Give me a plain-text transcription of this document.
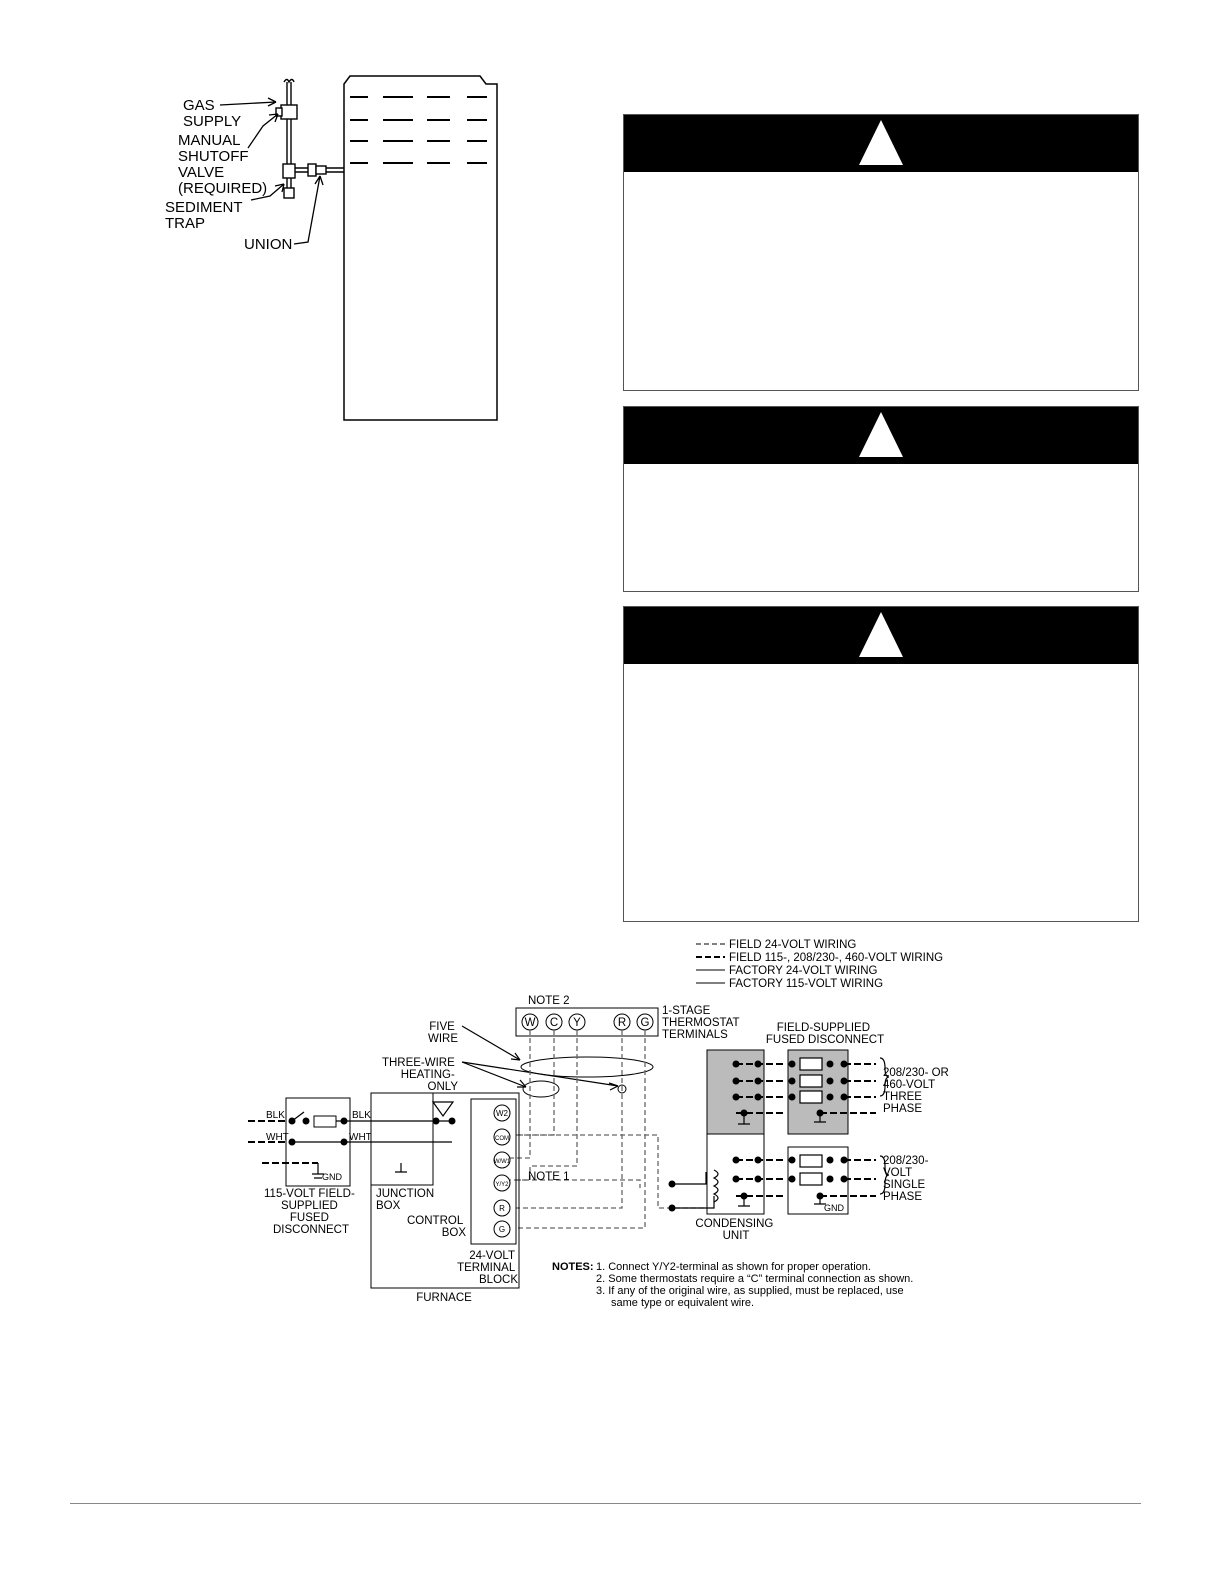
GAS SUPPLY
MANUAL SHUTOFF VALVE (REQUIRED)
SEDIMENT TRAP
UNION
FIELD 24-VOLT WIRING
FIELD 115-, 208/230-, 460-VOLT WIRING
FACTORY 24-VOLT WIRING
FACTORY 115-VOLT WIRING
NOTE 2
W C Y	R G
1-STAGE THERMOSTAT TERMINALS
FIVE WIRE
THREE-WIRE HEATING- ONLY
W2
COM
W/W1
Y/Y2
R
G
NOTE 1
BLK	BLK
WHT	WHT
GND
115-VOLT FIELD- SUPPLIED FUSED DISCONNECT
JUNCTION BOX
CONTROL BOX
24-VOLT TERMINAL BLOCK
FURNACE
FIELD-SUPPLIED FUSED DISCONNECT
208/230- OR 460-VOLT THREE PHASE
208/230- VOLT SINGLE PHASE
GND
CONDENSING UNIT
NOTES: 1. Connect Y/Y2-terminal as shown for proper operation. 2. Some thermostats require a “C” terminal connection as shown. 3. If any of the original wire, as supplied, must be replaced, use same type or equivalent wire.
